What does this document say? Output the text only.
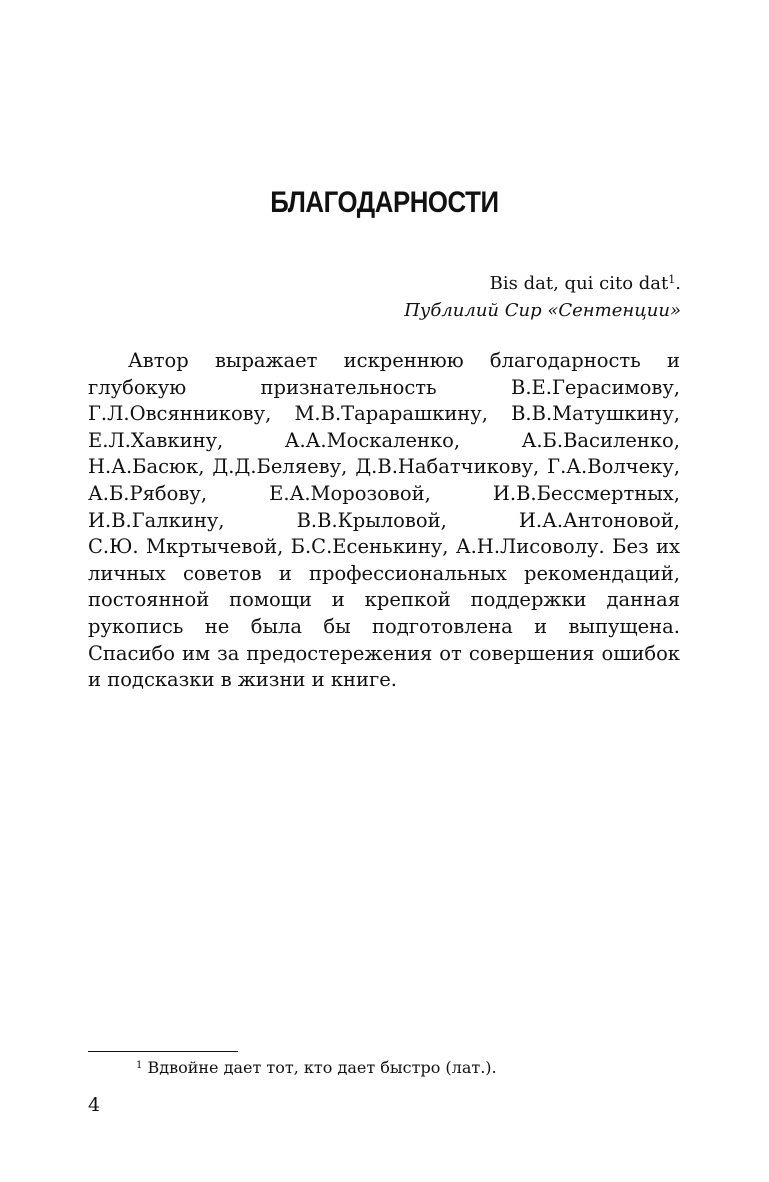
БЛАГОДАРНОСТИ
Bis dat, qui cito dat$^1$.
Публилий Сир «Сентенции»

Автор выражает искреннюю благодарность и
глубокую признательность В.Е.Герасимову,
Г.Л.Овсянникову, М.В.Тарарашкину, В.В.Матушкину,
Е.Л.Хавкину, А.А.Москаленко, А.Б.Василенко,
Н.А.Басюк, Д.Д.Беляеву, Д.В.Набатчикову, Г.А.Волчеку,
А.Б.Рябову, Е.А.Морозовой, И.В.Бессмертных,
И.В.Галкину, В.В.Крыловой, И.А.Антоновой,
С.Ю. Мкртычевой, Б.С.Есенькину, А.Н.Лисоволу. Без их
личных советов и профессиональных рекомендаций,
постоянной помощи и крепкой поддержки данная
рукопись не была бы подготовлена и выпущена.
Спасибо им за предостережения от совершения ошибок
и подсказки в жизни и книге.

$^1$ Вдвойне дает тот, кто дает быстро (лат.).
4
